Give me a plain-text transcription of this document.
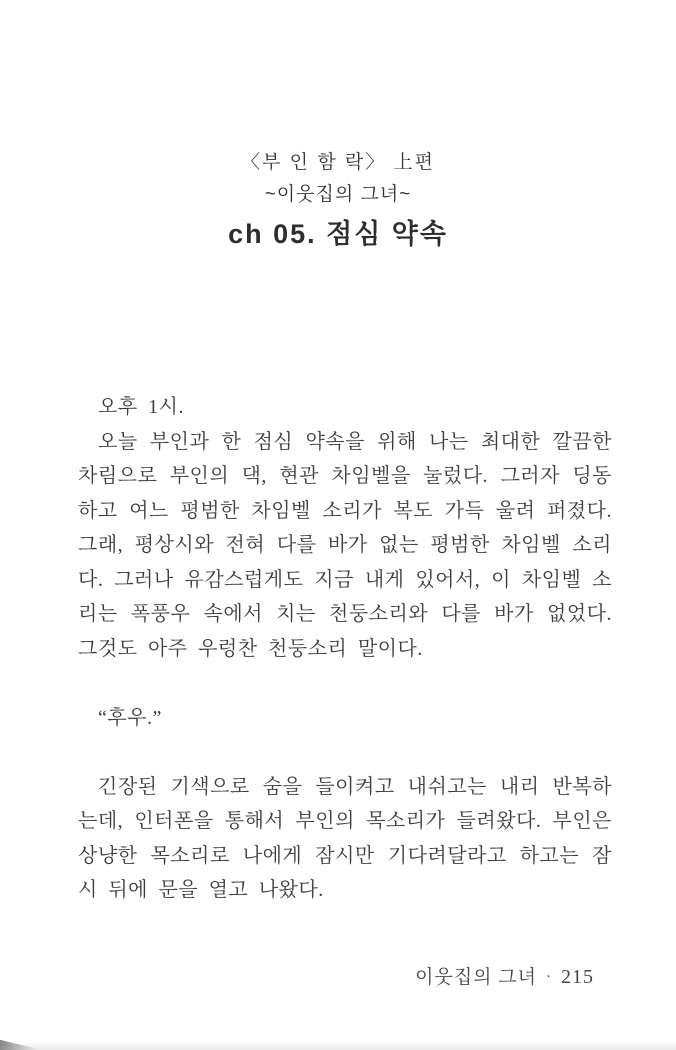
〈부 인 함 락〉 上편
~이웃집의 그녀~
ch 05. 점심 약속

오후 1시.

오늘 부인과 한 점심 약속을 위해 나는 최대한 깔끔한 차림으로 부인의 댁, 현관 차임벨을 눌렀다. 그러자 딩동 하고 여느 평범한 차임벨 소리가 복도 가득 울려 퍼졌다. 그래, 평상시와 전혀 다를 바가 없는 평범한 차임벨 소리다. 그러나 유감스럽게도 지금 내게 있어서, 이 차임벨 소리는 폭풍우 속에서 치는 천둥소리와 다를 바가 없었다. 그것도 아주 우렁찬 천둥소리 말이다.

“후우.”

긴장된 기색으로 숨을 들이켜고 내쉬고는 내리 반복하는데, 인터폰을 통해서 부인의 목소리가 들려왔다. 부인은 상냥한 목소리로 나에게 잠시만 기다려달라고 하고는 잠시 뒤에 문을 열고 나왔다.

이웃집의 그녀 · 215
